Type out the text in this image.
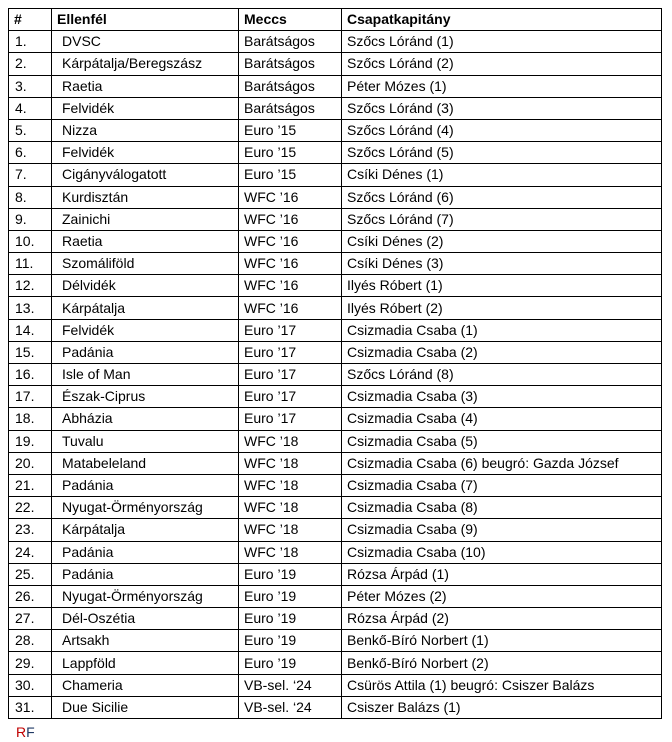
#	Ellenfél	Meccs	Csapatkapitány
1.	DVSC	Barátságos	Szőcs Lóránd (1)
2.	Kárpátalja/Beregszász	Barátságos	Szőcs Lóránd (2)
3.	Raetia	Barátságos	Péter Mózes (1)
4.	Felvidék	Barátságos	Szőcs Lóránd (3)
5.	Nizza	Euro ’15	Szőcs Lóránd (4)
6.	Felvidék	Euro ’15	Szőcs Lóránd (5)
7.	Cigányválogatott	Euro ’15	Csíki Dénes (1)
8.	Kurdisztán	WFC ’16	Szőcs Lóránd (6)
9.	Zainichi	WFC ’16	Szőcs Lóránd (7)
10.	Raetia	WFC ’16	Csíki Dénes (2)
11.	Szomáliföld	WFC ’16	Csíki Dénes (3)
12.	Délvidék	WFC ’16	Ilyés Róbert (1)
13.	Kárpátalja	WFC ’16	Ilyés Róbert (2)
14.	Felvidék	Euro ’17	Csizmadia Csaba (1)
15.	Padánia	Euro ’17	Csizmadia Csaba (2)
16.	Isle of Man	Euro ’17	Szőcs Lóránd (8)
17.	Észak-Ciprus	Euro ’17	Csizmadia Csaba (3)
18.	Abházia	Euro ’17	Csizmadia Csaba (4)
19.	Tuvalu	WFC ’18	Csizmadia Csaba (5)
20.	Matabeleland	WFC ’18	Csizmadia Csaba (6) beugró: Gazda József
21.	Padánia	WFC ’18	Csizmadia Csaba (7)
22.	Nyugat-Örményország	WFC ’18	Csizmadia Csaba (8)
23.	Kárpátalja	WFC ’18	Csizmadia Csaba (9)
24.	Padánia	WFC ’18	Csizmadia Csaba (10)
25.	Padánia	Euro ’19	Rózsa Árpád (1)
26.	Nyugat-Örményország	Euro ’19	Péter Mózes (2)
27.	Dél-Oszétia	Euro ’19	Rózsa Árpád (2)
28.	Artsakh	Euro ’19	Benkő-Bíró Norbert (1)
29.	Lappföld	Euro ’19	Benkő-Bíró Norbert (2)
30.	Chameria	VB-sel. ‘24	Csürös Attila (1) beugró: Csiszer Balázs
31.	Due Sicilie	VB-sel. ‘24	Csiszer Balázs (1)
RF
